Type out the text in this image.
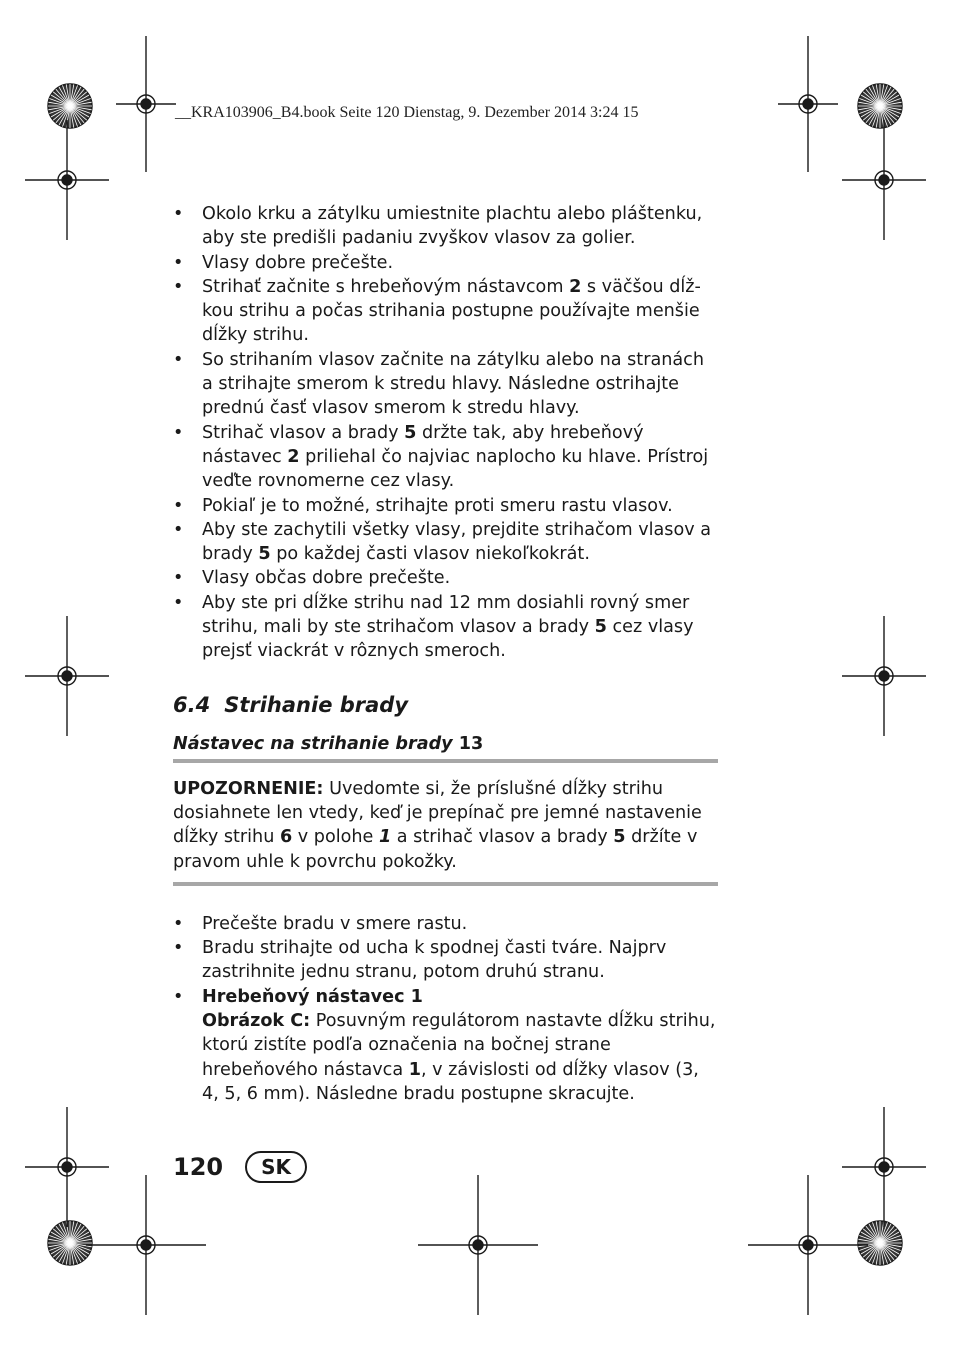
__KRA103906_B4.book Seite 120 Dienstag, 9. Dezember 2014 3:24 15
• Okolo krku a zátylku umiestnite plachtu alebo pláštenku, aby ste predišli padaniu zvyškov vlasov za golier.
• Vlasy dobre prečešte.
• Strihať začnite s hrebeňovým nástavcom 2 s väčšou dĺžkou strihu a počas strihania postupne používajte menšie dĺžky strihu.
• So strihaním vlasov začnite na zátylku alebo na stranách a strihajte smerom k stredu hlavy. Následne ostrihajte prednú časť vlasov smerom k stredu hlavy.
• Strihač vlasov a brady 5 držte tak, aby hrebeňový nástavec 2 priliehal čo najviac naplocho ku hlave. Prístroj veďte rovnomerne cez vlasy.
• Pokiaľ je to možné, strihajte proti smeru rastu vlasov.
• Aby ste zachytili všetky vlasy, prejdite strihačom vlasov a brady 5 po každej časti vlasov niekoľkokrát.
• Vlasy občas dobre prečešte.
• Aby ste pri dĺžke strihu nad 12 mm dosiahli rovný smer strihu, mali by ste strihačom vlasov a brady 5 cez vlasy prejsť viackrát v rôznych smeroch.
6.4 Strihanie brady
Nástavec na strihanie brady 13
UPOZORNENIE: Uvedomte si, že príslušné dĺžky strihu dosiahnete len vtedy, keď je prepínač pre jemné nastavenie dĺžky strihu 6 v polohe 1 a strihač vlasov a brady 5 držíte v pravom uhle k povrchu pokožky.
• Prečešte bradu v smere rastu.
• Bradu strihajte od ucha k spodnej časti tváre. Najprv zastrihnite jednu stranu, potom druhú stranu.
• Hrebeňový nástavec 1
Obrázok C: Posuvným regulátorom nastavte dĺžku strihu, ktorú zistíte podľa označenia na bočnej strane hrebeňového nástavca 1, v závislosti od dĺžky vlasov (3, 4, 5, 6 mm). Následne bradu postupne skracujte.
120	SK
